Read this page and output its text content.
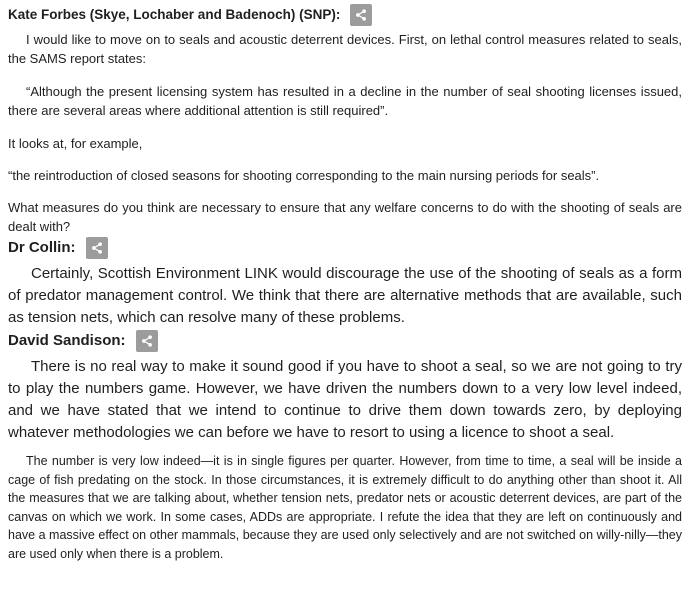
Kate Forbes (Skye, Lochaber and Badenoch) (SNP):

I would like to move on to seals and acoustic deterrent devices. First, on lethal control measures related to seals, the SAMS report states:

“Although the present licensing system has resulted in a decline in the number of seal shooting licenses issued, there are several areas where additional attention is still required”.

It looks at, for example,

“the reintroduction of closed seasons for shooting corresponding to the main nursing periods for seals”.

What measures do you think are necessary to ensure that any welfare concerns to do with the shooting of seals are dealt with?

Dr Collin:

Certainly, Scottish Environment LINK would discourage the use of the shooting of seals as a form of predator management control. We think that there are alternative methods that are available, such as tension nets, which can resolve many of these problems.

David Sandison:

There is no real way to make it sound good if you have to shoot a seal, so we are not going to try to play the numbers game. However, we have driven the numbers down to a very low level indeed, and we have stated that we intend to continue to drive them down towards zero, by deploying whatever methodologies we can before we have to resort to using a licence to shoot a seal.

The number is very low indeed—it is in single figures per quarter. However, from time to time, a seal will be inside a cage of fish predating on the stock. In those circumstances, it is extremely difficult to do anything other than shoot it. All the measures that we are talking about, whether tension nets, predator nets or acoustic deterrent devices, are part of the canvas on which we work. In some cases, ADDs are appropriate. I refute the idea that they are left on continuously and have a massive effect on other mammals, because they are used only selectively and are not switched on willy-nilly—they are used only when there is a problem.
